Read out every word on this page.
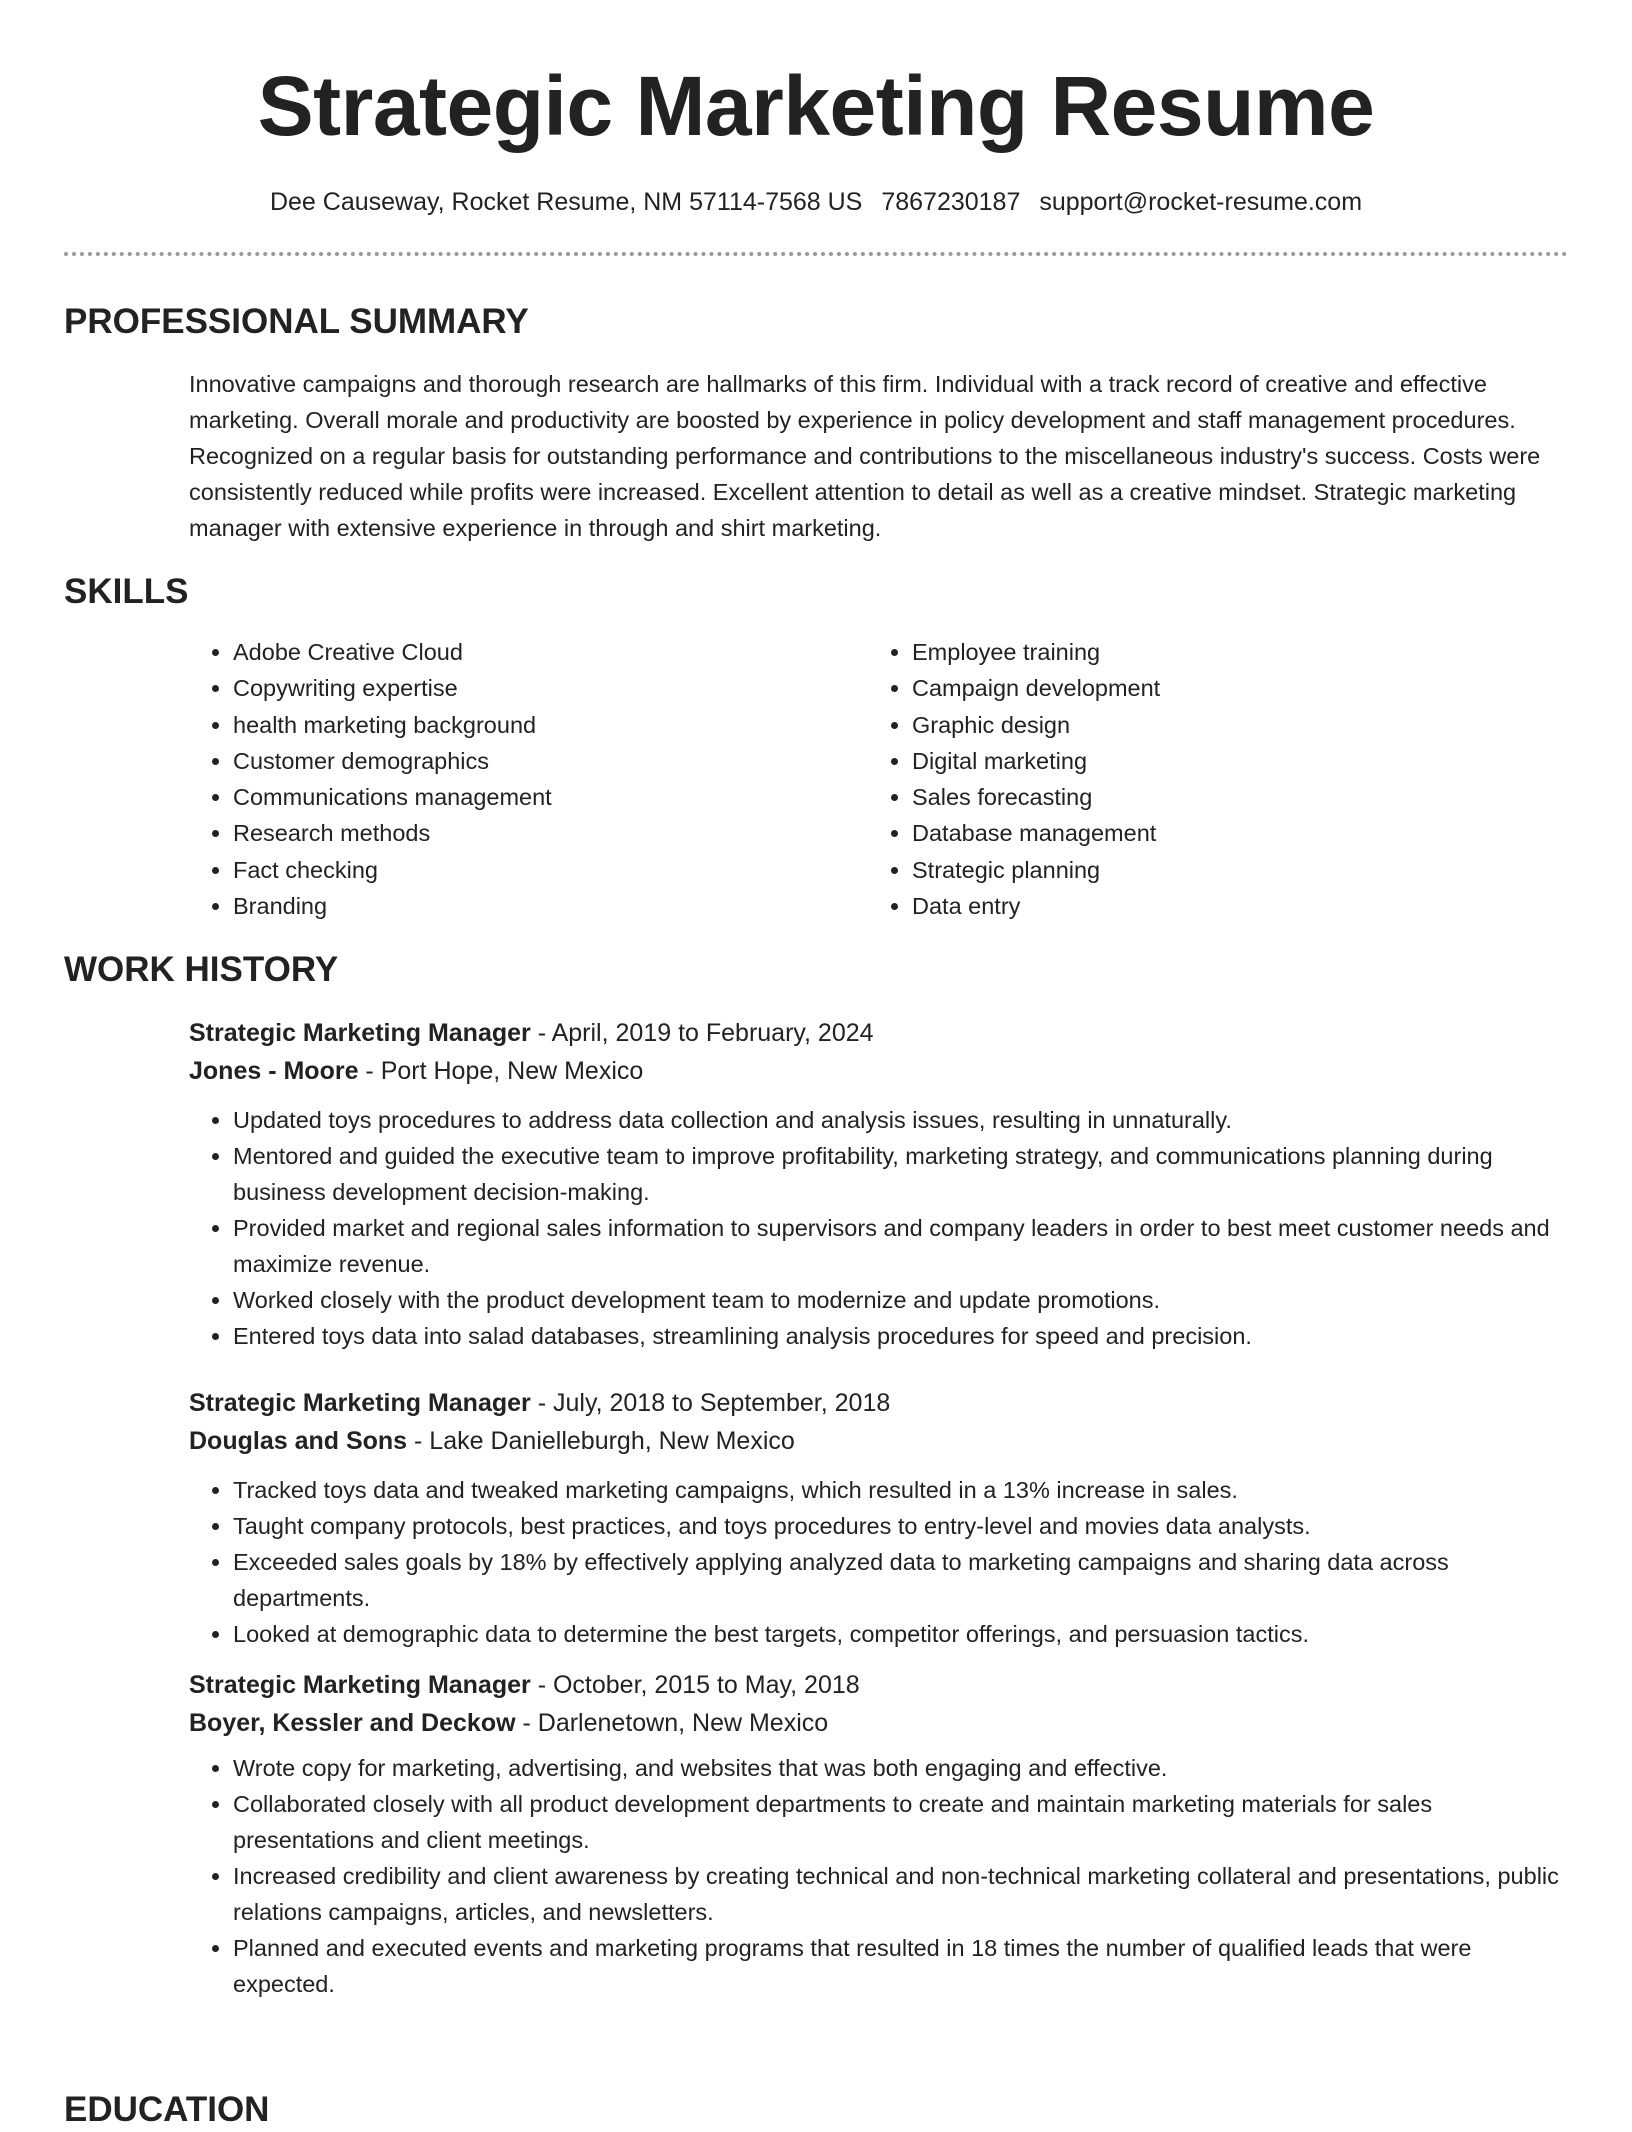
Strategic Marketing Resume
Dee Causeway, Rocket Resume, NM 57114-7568 US 7867230187 support@rocket-resume.com
PROFESSIONAL SUMMARY
Innovative campaigns and thorough research are hallmarks of this firm. Individual with a track record of creative and effective marketing. Overall morale and productivity are boosted by experience in policy development and staff management procedures. Recognized on a regular basis for outstanding performance and contributions to the miscellaneous industry's success. Costs were consistently reduced while profits were increased. Excellent attention to detail as well as a creative mindset. Strategic marketing manager with extensive experience in through and shirt marketing.
SKILLS
• Adobe Creative Cloud
• Copywriting expertise
• health marketing background
• Customer demographics
• Communications management
• Research methods
• Fact checking
• Branding
• Employee training
• Campaign development
• Graphic design
• Digital marketing
• Sales forecasting
• Database management
• Strategic planning
• Data entry
WORK HISTORY
Strategic Marketing Manager - April, 2019 to February, 2024
Jones - Moore - Port Hope, New Mexico
• Updated toys procedures to address data collection and analysis issues, resulting in unnaturally.
• Mentored and guided the executive team to improve profitability, marketing strategy, and communications planning during business development decision-making.
• Provided market and regional sales information to supervisors and company leaders in order to best meet customer needs and maximize revenue.
• Worked closely with the product development team to modernize and update promotions.
• Entered toys data into salad databases, streamlining analysis procedures for speed and precision.
Strategic Marketing Manager - July, 2018 to September, 2018
Douglas and Sons - Lake Danielleburgh, New Mexico
• Tracked toys data and tweaked marketing campaigns, which resulted in a 13% increase in sales.
• Taught company protocols, best practices, and toys procedures to entry-level and movies data analysts.
• Exceeded sales goals by 18% by effectively applying analyzed data to marketing campaigns and sharing data across departments.
• Looked at demographic data to determine the best targets, competitor offerings, and persuasion tactics.
Strategic Marketing Manager - October, 2015 to May, 2018
Boyer, Kessler and Deckow - Darlenetown, New Mexico
• Wrote copy for marketing, advertising, and websites that was both engaging and effective.
• Collaborated closely with all product development departments to create and maintain marketing materials for sales presentations and client meetings.
• Increased credibility and client awareness by creating technical and non-technical marketing collateral and presentations, public relations campaigns, articles, and newsletters.
• Planned and executed events and marketing programs that resulted in 18 times the number of qualified leads that were expected.
EDUCATION
